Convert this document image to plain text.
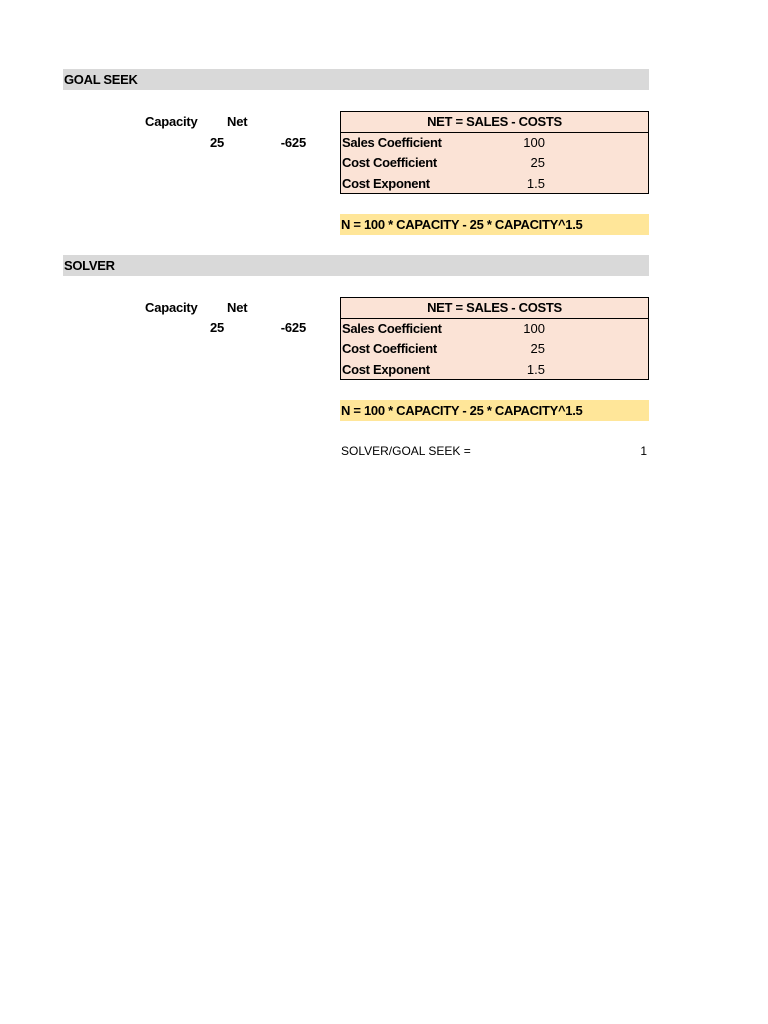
GOAL SEEK
Capacity Net
25	-625
NET = SALES - COSTS
Sales Coefficient	100
Cost Coefficient	25
Cost Exponent	1.5
N = 100 * CAPACITY - 25 * CAPACITY^1.5
SOLVER
Capacity Net
25	-625
NET = SALES - COSTS
Sales Coefficient	100
Cost Coefficient	25
Cost Exponent	1.5
N = 100 * CAPACITY - 25 * CAPACITY^1.5
SOLVER/GOAL SEEK =	1
